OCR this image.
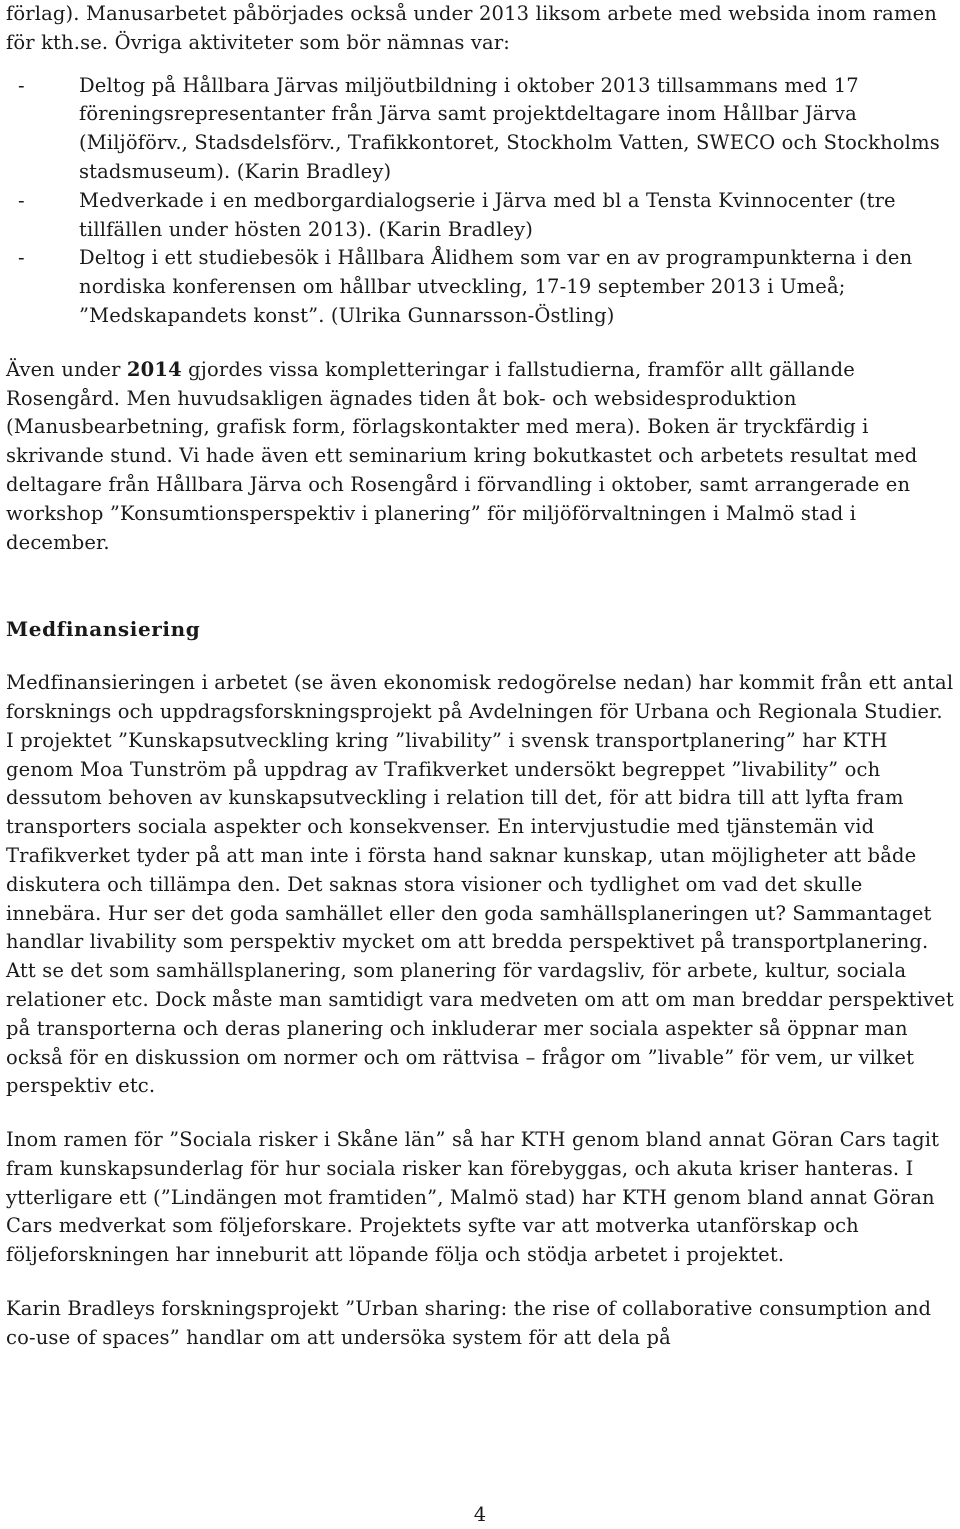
förlag). Manusarbetet påbörjades också under 2013 liksom arbete med websida inom ramen för kth.se. Övriga aktiviteter som bör nämnas var:

-	Deltog på Hållbara Järvas miljöutbildning i oktober 2013 tillsammans med 17 föreningsrepresentanter från Järva samt projektdeltagare inom Hållbar Järva (Miljöförv., Stadsdelsförv., Trafikkontoret, Stockholm Vatten, SWECO och Stockholms stadsmuseum). (Karin Bradley)
-	Medverkade i en medborgardialogserie i Järva med bl a Tensta Kvinnocenter (tre tillfällen under hösten 2013). (Karin Bradley)
-	Deltog i ett studiebesök i Hållbara Ålidhem som var en av programpunkterna i den nordiska konferensen om hållbar utveckling, 17-19 september 2013 i Umeå; ”Medskapandets konst”. (Ulrika Gunnarsson-Östling)

Även under 2014 gjordes vissa kompletteringar i fallstudierna, framför allt gällande Rosengård. Men huvudsakligen ägnades tiden åt bok- och websidesproduktion (Manusbearbetning, grafisk form, förlagskontakter med mera). Boken är tryckfärdig i skrivande stund. Vi hade även ett seminarium kring bokutkastet och arbetets resultat med deltagare från Hållbara Järva och Rosengård i förvandling i oktober, samt arrangerade en workshop ”Konsumtionsperspektiv i planering” för miljöförvaltningen i Malmö stad i december.

Medfinansiering

Medfinansieringen i arbetet (se även ekonomisk redogörelse nedan) har kommit från ett antal forsknings och uppdragsforskningsprojekt på Avdelningen för Urbana och Regionala Studier. I projektet ”Kunskapsutveckling kring ”livability” i svensk transportplanering” har KTH genom Moa Tunström på uppdrag av Trafikverket undersökt begreppet ”livability” och dessutom behoven av kunskapsutveckling i relation till det, för att bidra till att lyfta fram transporters sociala aspekter och konsekvenser. En intervjustudie med tjänstemän vid Trafikverket tyder på att man inte i första hand saknar kunskap, utan möjligheter att både diskutera och tillämpa den. Det saknas stora visioner och tydlighet om vad det skulle innebära. Hur ser det goda samhället eller den goda samhällsplaneringen ut? Sammantaget handlar livability som perspektiv mycket om att bredda perspektivet på transportplanering. Att se det som samhällsplanering, som planering för vardagsliv, för arbete, kultur, sociala relationer etc. Dock måste man samtidigt vara medveten om att om man breddar perspektivet på transporterna och deras planering och inkluderar mer sociala aspekter så öppnar man också för en diskussion om normer och om rättvisa – frågor om ”livable” för vem, ur vilket perspektiv etc.

Inom ramen för ”Sociala risker i Skåne län” så har KTH genom bland annat Göran Cars tagit fram kunskapsunderlag för hur sociala risker kan förebyggas, och akuta kriser hanteras. I ytterligare ett (”Lindängen mot framtiden”, Malmö stad) har KTH genom bland annat Göran Cars medverkat som följeforskare. Projektets syfte var att motverka utanförskap och följeforskningen har inneburit att löpande följa och stödja arbetet i projektet.

Karin Bradleys forskningsprojekt ”Urban sharing: the rise of collaborative consumption and co-use of spaces” handlar om att undersöka system för att dela på

4
